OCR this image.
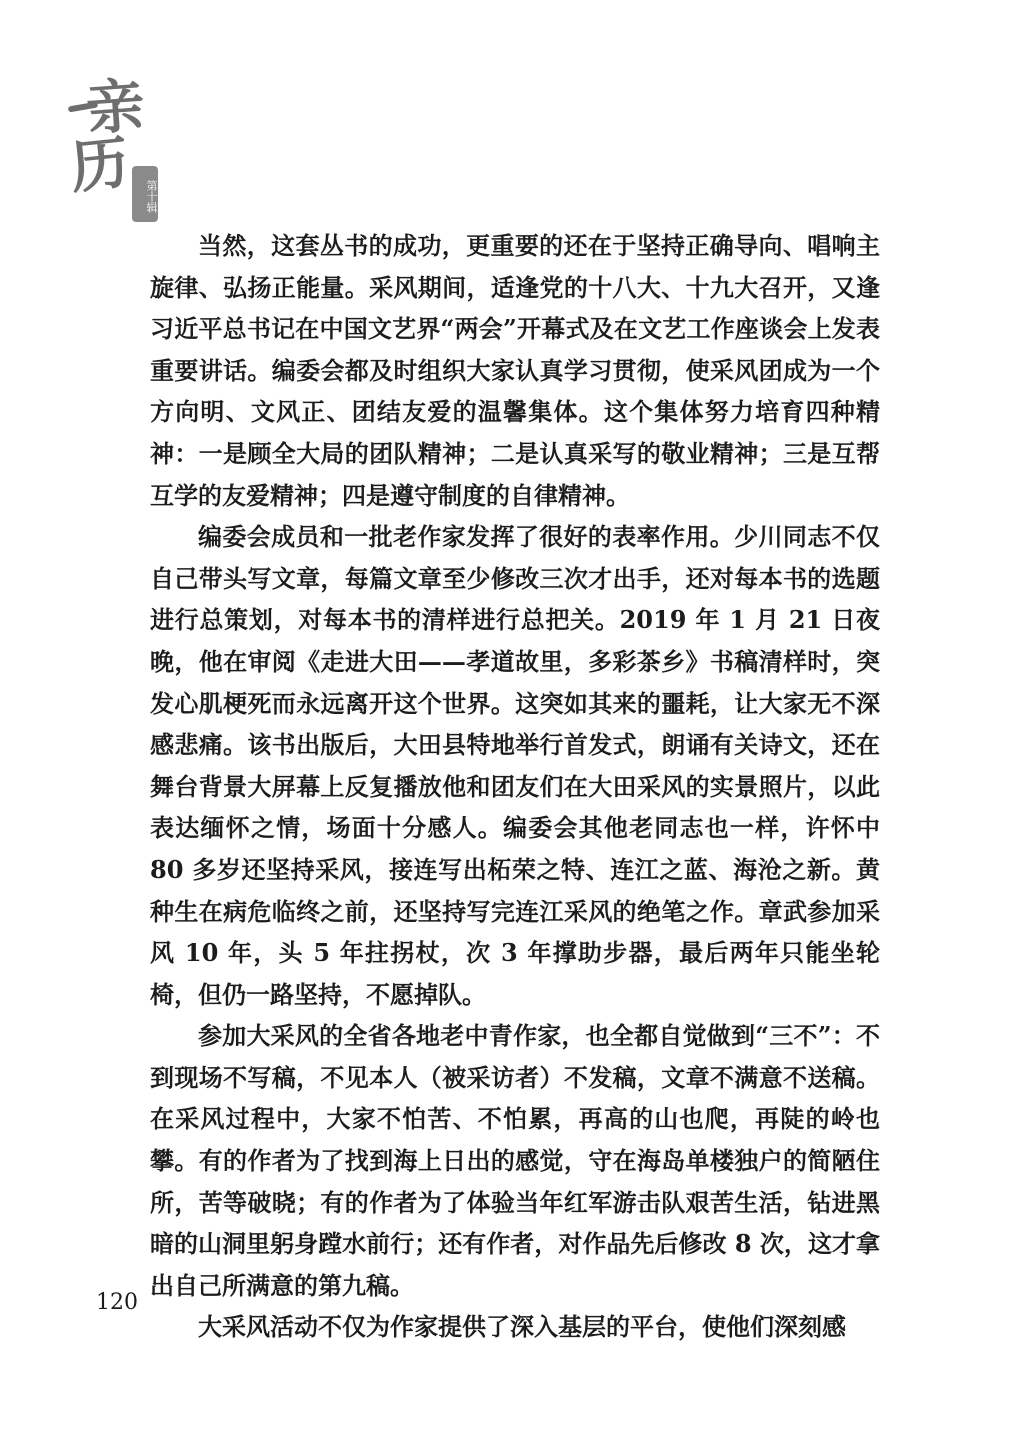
亲
历	第十辑

当然，这套丛书的成功，更重要的还在于坚持正确导向、唱响主旋律、弘扬正能量。采风期间，适逢党的十八大、十九大召开，又逢习近平总书记在中国文艺界“两会”开幕式及在文艺工作座谈会上发表重要讲话。编委会都及时组织大家认真学习贯彻，使采风团成为一个方向明、文风正、团结友爱的温馨集体。这个集体努力培育四种精神：一是顾全大局的团队精神；二是认真采写的敬业精神；三是互帮互学的友爱精神；四是遵守制度的自律精神。

编委会成员和一批老作家发挥了很好的表率作用。少川同志不仅自己带头写文章，每篇文章至少修改三次才出手，还对每本书的选题进行总策划，对每本书的清样进行总把关。2019 年 1 月 21 日夜晚，他在审阅《走进大田——孝道故里，多彩茶乡》书稿清样时，突发心肌梗死而永远离开这个世界。这突如其来的噩耗，让大家无不深感悲痛。该书出版后，大田县特地举行首发式，朗诵有关诗文，还在舞台背景大屏幕上反复播放他和团友们在大田采风的实景照片，以此表达缅怀之情，场面十分感人。编委会其他老同志也一样，许怀中 80 多岁还坚持采风，接连写出柘荣之特、连江之蓝、海沧之新。黄种生在病危临终之前，还坚持写完连江采风的绝笔之作。章武参加采风 10 年，头 5 年拄拐杖，次 3 年撑助步器，最后两年只能坐轮椅，但仍一路坚持，不愿掉队。

参加大采风的全省各地老中青作家，也全都自觉做到“三不”：不到现场不写稿，不见本人（被采访者）不发稿，文章不满意不送稿。在采风过程中，大家不怕苦、不怕累，再高的山也爬，再陡的岭也攀。有的作者为了找到海上日出的感觉，守在海岛单楼独户的简陋住所，苦等破晓；有的作者为了体验当年红军游击队艰苦生活，钻进黑暗的山洞里躬身蹚水前行；还有作者，对作品先后修改 8 次，这才拿出自己所满意的第九稿。

大采风活动不仅为作家提供了深入基层的平台，使他们深刻感

120
